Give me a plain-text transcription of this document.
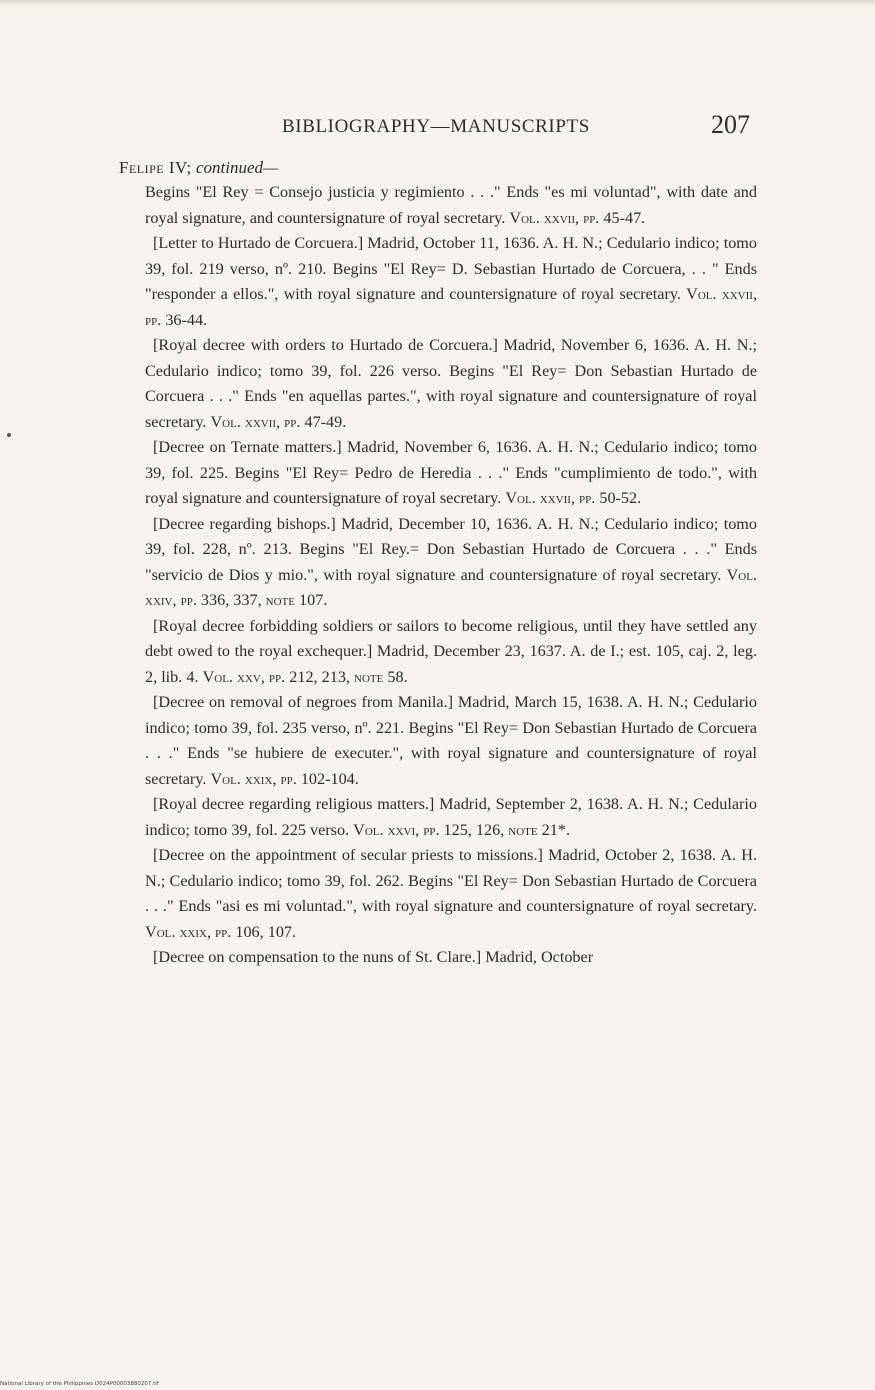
BIBLIOGRAPHY—MANUSCRIPTS	207
Felipe IV; continued—

Begins "El Rey = Consejo justicia y regimiento . . ." Ends "es mi voluntad", with date and royal signature, and countersignature of royal secretary. Vol. xxvii, pp. 45-47.

[Letter to Hurtado de Corcuera.] Madrid, October 11, 1636. A. H. N.; Cedulario indico; tomo 39, fol. 219 verso, nº. 210. Begins "El Rey= D. Sebastian Hurtado de Corcuera, . . " Ends "responder a ellos.", with royal signature and countersignature of royal secretary. Vol. xxvii, pp. 36-44.

[Royal decree with orders to Hurtado de Corcuera.] Madrid, November 6, 1636. A. H. N.; Cedulario indico; tomo 39, fol. 226 verso. Begins "El Rey= Don Sebastian Hurtado de Corcuera . . ." Ends "en aquellas partes.", with royal signature and countersignature of royal secretary. Vol. xxvii, pp. 47-49.

[Decree on Ternate matters.] Madrid, November 6, 1636. A. H. N.; Cedulario indico; tomo 39, fol. 225. Begins "El Rey= Pedro de Heredia . . ." Ends "cumplimiento de todo.", with royal signature and countersignature of royal secretary. Vol. xxvii, pp. 50-52.

[Decree regarding bishops.] Madrid, December 10, 1636. A. H. N.; Cedulario indico; tomo 39, fol. 228, nº. 213. Begins "El Rey.= Don Sebastian Hurtado de Corcuera . . ." Ends "servicio de Dios y mio.", with royal signature and countersignature of royal secretary. Vol. xxiv, pp. 336, 337, note 107.

[Royal decree forbidding soldiers or sailors to become religious, until they have settled any debt owed to the royal exchequer.] Madrid, December 23, 1637. A. de I.; est. 105, caj. 2, leg. 2, lib. 4. Vol. xxv, pp. 212, 213, note 58.

[Decree on removal of negroes from Manila.] Madrid, March 15, 1638. A. H. N.; Cedulario indico; tomo 39, fol. 235 verso, nº. 221. Begins "El Rey= Don Sebastian Hurtado de Corcuera . . ." Ends "se hubiere de executer.", with royal signature and countersignature of royal secretary. Vol. xxix, pp. 102-104.

[Royal decree regarding religious matters.] Madrid, September 2, 1638. A. H. N.; Cedulario indico; tomo 39, fol. 225 verso. Vol. xxvi, pp. 125, 126, note 21*.

[Decree on the appointment of secular priests to missions.] Madrid, October 2, 1638. A. H. N.; Cedulario indico; tomo 39, fol. 262. Begins "El Rey= Don Sebastian Hurtado de Corcuera . . ." Ends "asi es mi voluntad.", with royal signature and countersignature of royal secretary. Vol. xxix, pp. 106, 107.

[Decree on compensation to the nuns of St. Clare.] Madrid, October

National Library of the Philippines D024P00003880207.tif
